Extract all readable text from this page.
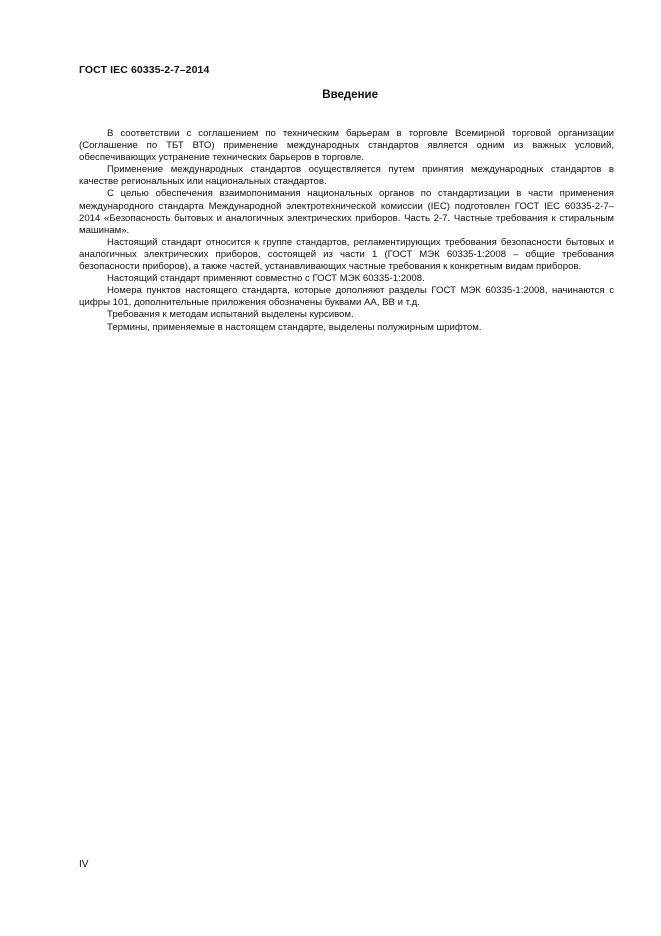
ГОСТ IEC 60335-2-7–2014
Введение

В соответствии с соглашением по техническим барьерам в торговле Всемирной торговой организации (Соглашение по ТБТ ВТО) применение международных стандартов является одним из важных условий, обеспечивающих устранение технических барьеров в торговле.

Применение международных стандартов осуществляется путем принятия международных стандартов в качестве региональных или национальных стандартов.

С целью обеспечения взаимопонимания национальных органов по стандартизации в части применения международного стандарта Международной электротехнической комиссии (IEC) подготовлен ГОСТ IEC 60335-2-7–2014 «Безопасность бытовых и аналогичных электрических приборов. Часть 2-7. Частные требования к стиральным машинам».

Настоящий стандарт относится к группе стандартов, регламентирующих требования безопасности бытовых и аналогичных электрических приборов, состоящей из части 1 (ГОСТ МЭК 60335-1:2008 – общие требования безопасности приборов), а также частей, устанавливающих частные требования к конкретным видам приборов.

Настоящий стандарт применяют совместно с ГОСТ МЭК 60335-1:2008.

Номера пунктов настоящего стандарта, которые дополняют разделы ГОСТ МЭК 60335-1:2008, начинаются с цифры 101, дополнительные приложения обозначены буквами AA, BB и т.д.

Требования к методам испытаний выделены курсивом.

Термины, применяемые в настоящем стандарте, выделены полужирным шрифтом.

IV
